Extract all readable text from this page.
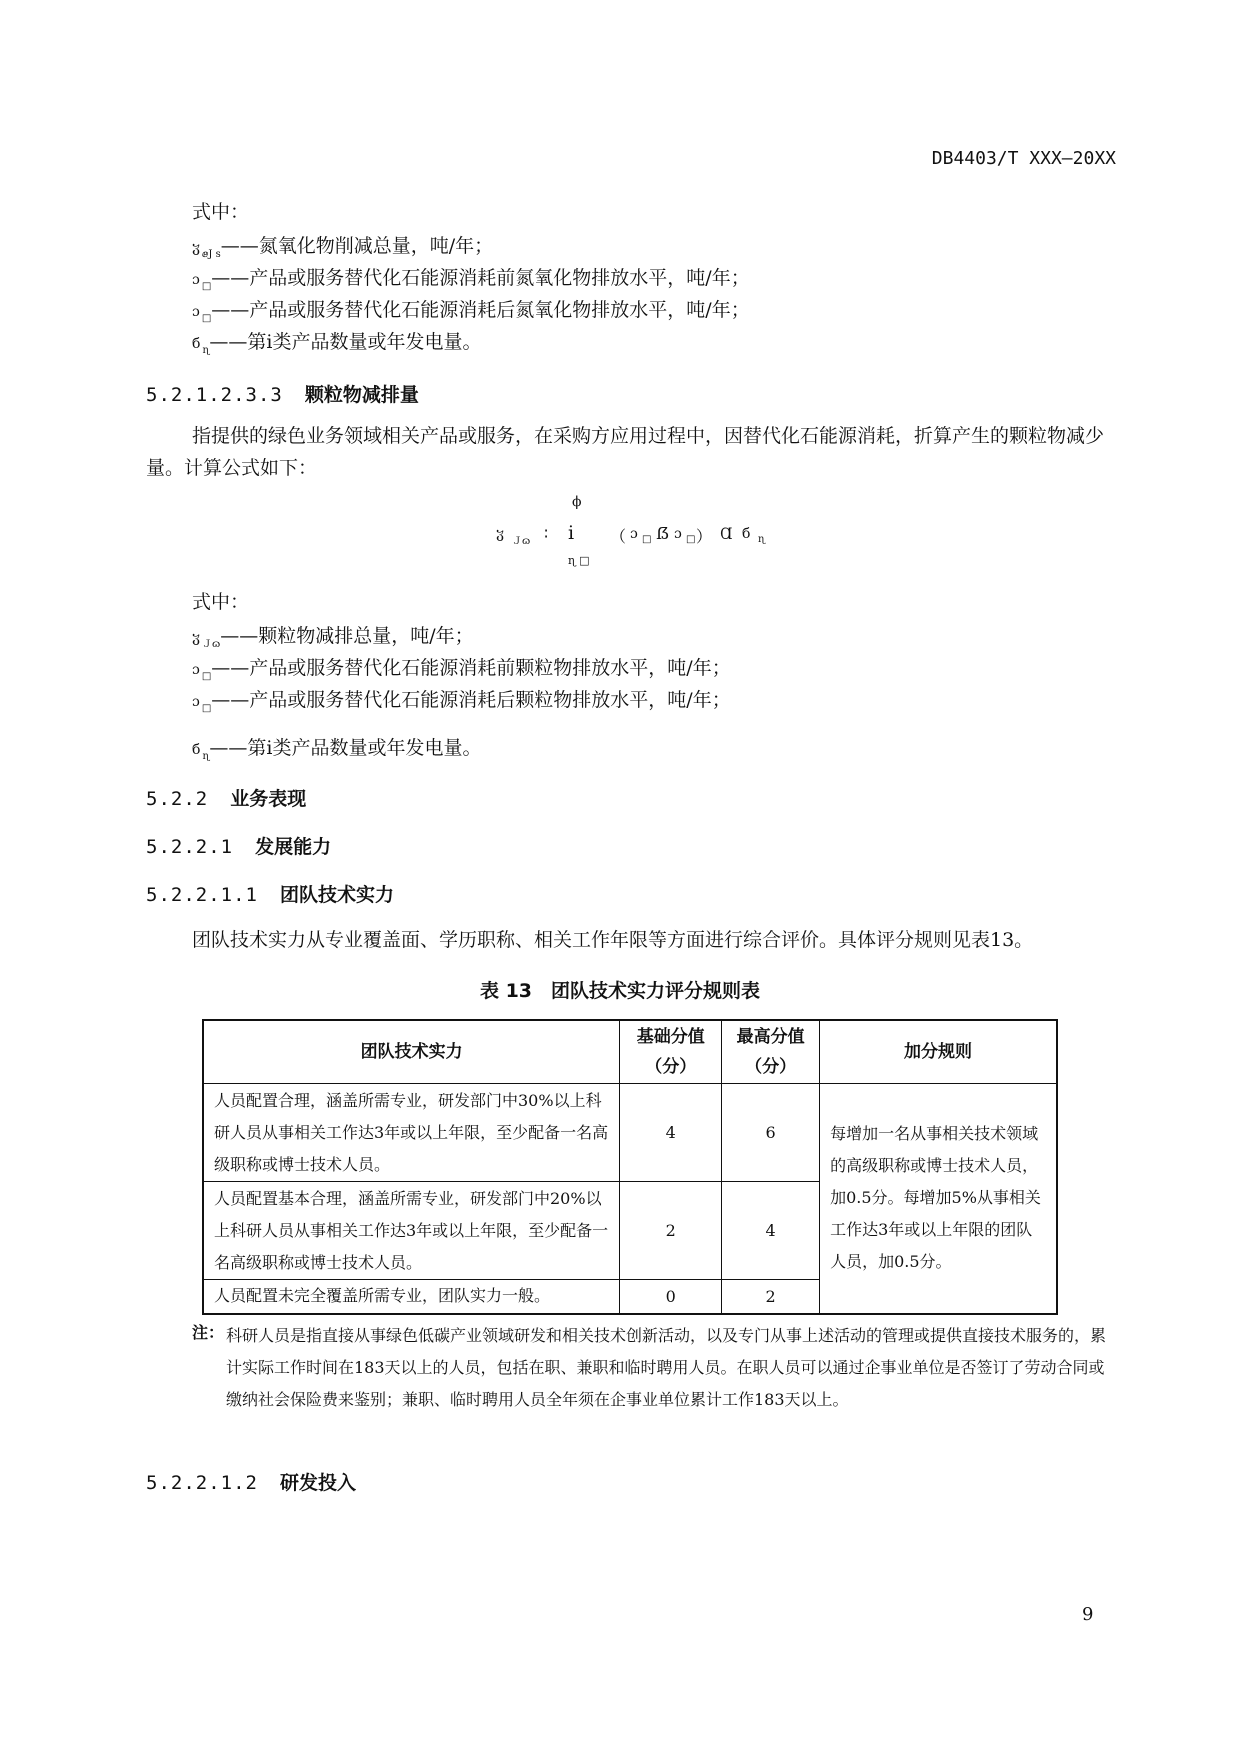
DB4403/T XXX—20XX
式中：
ჳ $_{ⅇJ s}$——氮氧化物削减总量，吨/年；
ɔ $_□$——产品或服务替代化石能源消耗前氮氧化物排放水平，吨/年；
ɔ $_□$——产品或服务替代化石能源消耗后氮氧化物排放水平，吨/年；
б $_ɳ$——第i类产品数量或年发电量。
5.2.1.2.3.3 颗粒物减排量
指提供的绿色业务领域相关产品或服务，在采购方应用过程中，因替代化石能源消耗，折算产生的颗粒物减少量。计算公式如下：
ϕ
ჳ Ｊɷ ∶ ⅰ
ɳ □
（ ɔ □ ẞ ɔ □ ） Ɑ б ɳ
式中：
ჳ $_{Jɷ}$——颗粒物减排总量，吨/年；
ɔ $_□$——产品或服务替代化石能源消耗前颗粒物排放水平，吨/年；
ɔ $_□$——产品或服务替代化石能源消耗后颗粒物排放水平，吨/年；
б $_ɳ$——第i类产品数量或年发电量。
5.2.2 业务表现
5.2.2.1 发展能力
5.2.2.1.1 团队技术实力
团队技术实力从专业覆盖面、学历职称、相关工作年限等方面进行综合评价。具体评分规则见表13。
表 13　团队技术实力评分规则表
团队技术实力	基础分值（分）	最高分值（分）	加分规则
人员配置合理，涵盖所需专业，研发部门中30%以上科研人员从事相关工作达3年或以上年限，至少配备一名高级职称或博士技术人员。	4	6	每增加一名从事相关技术领域的高级职称或博士技术人员，加0.5分。每增加5%从事相关工作达3年或以上年限的团队人员，加0.5分。
人员配置基本合理，涵盖所需专业，研发部门中20%以上科研人员从事相关工作达3年或以上年限，至少配备一名高级职称或博士技术人员。	2	4	
人员配置未完全覆盖所需专业，团队实力一般。	0	2	
注： 科研人员是指直接从事绿色低碳产业领域研发和相关技术创新活动，以及专门从事上述活动的管理或提供直接技术服务的，累计实际工作时间在183天以上的人员，包括在职、兼职和临时聘用人员。在职人员可以通过企事业单位是否签订了劳动合同或缴纳社会保险费来鉴别；兼职、临时聘用人员全年须在企事业单位累计工作183天以上。
5.2.2.1.2 研发投入
9
